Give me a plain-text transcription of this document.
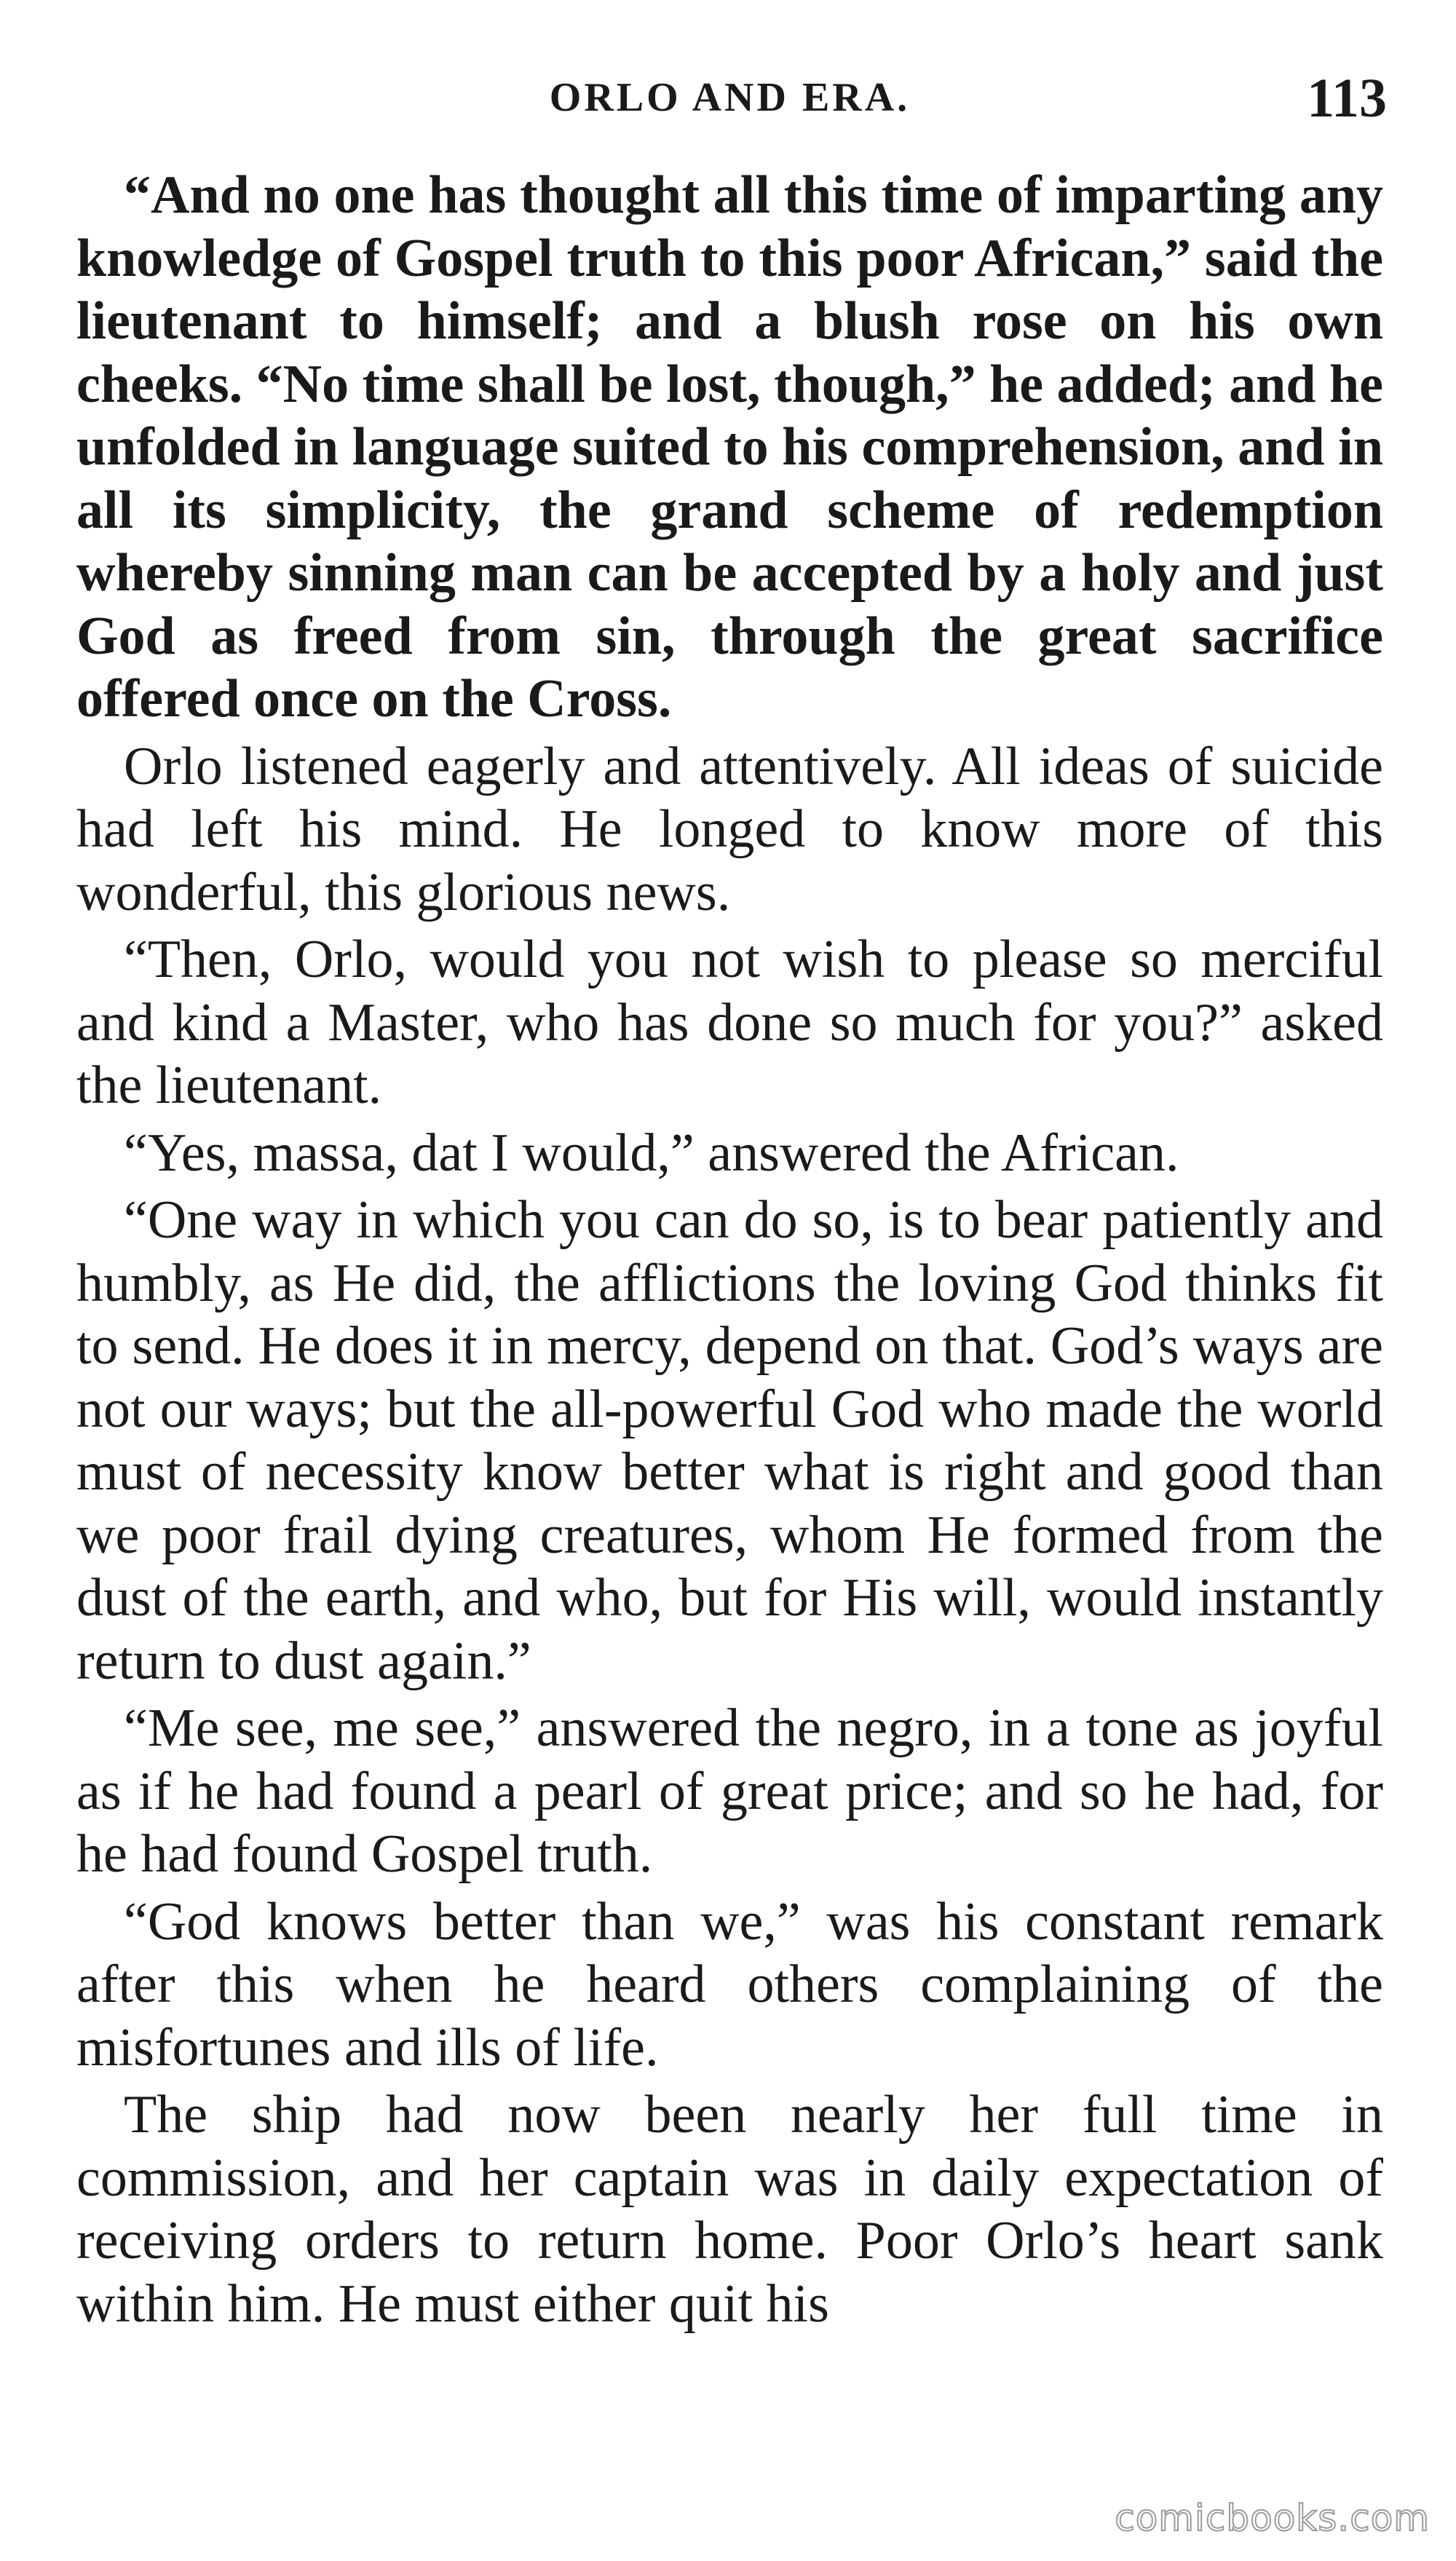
ORLO AND ERA.	113

“And no one has thought all this time of imparting any knowledge of Gospel truth to this poor African,” said the lieutenant to himself; and a blush rose on his own cheeks. “No time shall be lost, though,” he added; and he unfolded in language suited to his comprehension, and in all its simplicity, the grand scheme of redemption whereby sinning man can be accepted by a holy and just God as freed from sin, through the great sacrifice offered once on the Cross.

Orlo listened eagerly and attentively. All ideas of suicide had left his mind. He longed to know more of this wonderful, this glorious news.

“Then, Orlo, would you not wish to please so merciful and kind a Master, who has done so much for you?” asked the lieutenant.

“Yes, massa, dat I would,” answered the African.

“One way in which you can do so, is to bear patiently and humbly, as He did, the afflictions the loving God thinks fit to send. He does it in mercy, depend on that. God’s ways are not our ways; but the all-powerful God who made the world must of necessity know better what is right and good than we poor frail dying creatures, whom He formed from the dust of the earth, and who, but for His will, would instantly return to dust again.”

“Me see, me see,” answered the negro, in a tone as joyful as if he had found a pearl of great price; and so he had, for he had found Gospel truth.

“God knows better than we,” was his constant remark after this when he heard others complaining of the misfortunes and ills of life.

The ship had now been nearly her full time in commission, and her captain was in daily expectation of receiving orders to return home. Poor Orlo’s heart sank within him. He must either quit his

comicbooks.com
